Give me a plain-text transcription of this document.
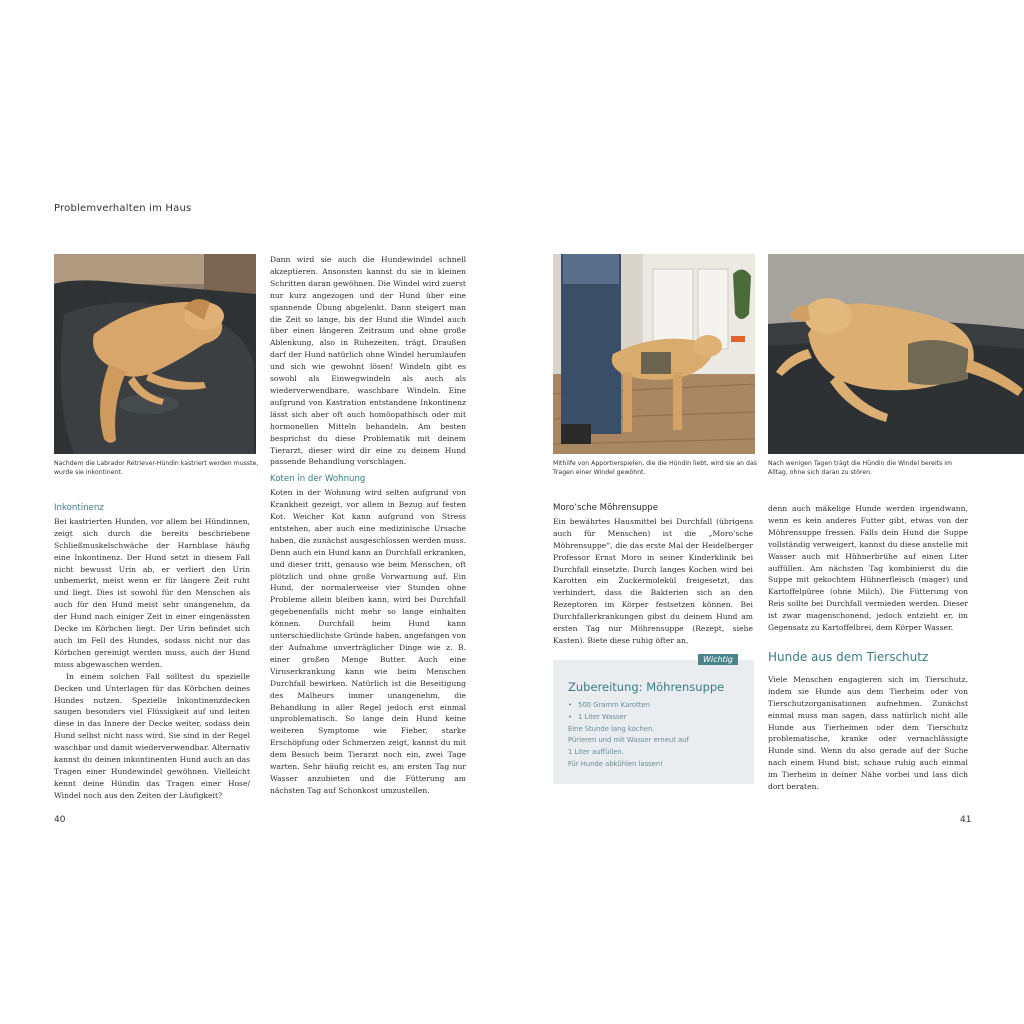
Problemverhalten im Haus
Nachdem die Labrador Retriever-Hündin kastriert werden musste, wurde sie inkontinent.
Inkontinenz

Bei kastrierten Hunden, vor allem bei Hündinnen, zeigt sich durch die bereits beschriebene Schließmuskelschwäche der Harnblase häufig eine Inkontinenz. Der Hund setzt in diesem Fall nicht bewusst Urin ab, er verliert den Urin unbemerkt, meist wenn er für längere Zeit ruht und liegt. Dies ist sowohl für den Menschen als auch für den Hund meist sehr unangenehm, da der Hund nach einiger Zeit in einer eingenässten Decke im Körbchen liegt. Der Urin befindet sich auch im Fell des Hundes, sodass nicht nur das Körbchen gereinigt werden muss, auch der Hund muss abgewaschen werden.

In einem solchen Fall solltest du spezielle Decken und Unterlagen für das Körbchen deines Hundes nutzen. Spezielle Inkontinenzdecken saugen besonders viel Flüssigkeit auf und leiten diese in das Innere der Decke weiter, sodass dein Hund selbst nicht nass wird. Sie sind in der Regel waschbar und damit wiederverwendbar. Alternativ kannst du deinen inkontinenten Hund auch an das Tragen einer Hundewindel gewöhnen. Vielleicht kennt deine Hündin das Tragen einer Hose/ Windel noch aus den Zeiten der Läufigkeit?

Dann wird sie auch die Hundewindel schnell akzeptieren. Ansonsten kannst du sie in kleinen Schritten daran gewöhnen. Die Windel wird zuerst nur kurz angezogen und der Hund über eine spannende Übung abgelenkt. Dann steigert man die Zeit so lange, bis der Hund die Windel auch über einen längeren Zeitraum und ohne große Ablenkung, also in Ruhezeiten, trägt. Draußen darf der Hund natürlich ohne Windel herumlaufen und sich wie gewohnt lösen! Windeln gibt es sowohl als Einwegwindeln als auch als wiederverwendbare, waschbare Windeln. Eine aufgrund von Kastration entstandene Inkontinenz lässt sich aber oft auch homöopathisch oder mit hormonellen Mitteln behandeln. Am besten besprichst du diese Problematik mit deinem Tierarzt, dieser wird dir eine zu deinem Hund passende Behandlung vorschlagen.

Koten in der Wohnung

Koten in der Wohnung wird selten aufgrund von Krankheit gezeigt, vor allem in Bezug auf festen Kot. Weicher Kot kann aufgrund von Stress entstehen, aber auch eine medizinische Ursache haben, die zunächst ausgeschlossen werden muss. Denn auch ein Hund kann an Durchfall erkranken, und dieser tritt, genauso wie beim Menschen, oft plötzlich und ohne große Vorwarnung auf. Ein Hund, der normalerweise vier Stunden ohne Probleme allein bleiben kann, wird bei Durchfall gegebenenfalls nicht mehr so lange einhalten können. Durchfall beim Hund kann unterschiedlichste Gründe haben, angefangen von der Aufnahme unverträglicher Dinge wie z. B. einer großen Menge Butter. Auch eine Viruserkrankung kann wie beim Menschen Durchfall bewirken. Natürlich ist die Beseitigung des Malheurs immer unangenehm, die Behandlung in aller Regel jedoch erst einmal unproblematisch. So lange dein Hund keine weiteren Symptome wie Fieber, starke Erschöpfung oder Schmerzen zeigt, kannst du mit dem Besuch beim Tierarzt noch ein, zwei Tage warten. Sehr häufig reicht es, am ersten Tag nur Wasser anzubieten und die Fütterung am nächsten Tag auf Schonkost umzustellen.

Mithilfe von Apportierspielen, die die Hündin liebt, wird sie an das Tragen einer Windel gewöhnt.
Nach wenigen Tagen trägt die Hündin die Windel bereits im Alltag, ohne sich daran zu stören.
Moro’sche Möhrensuppe

Ein bewährtes Hausmittel bei Durchfall (übrigens auch für Menschen) ist die „Moro’sche Möhrensuppe“, die das erste Mal der Heidelberger Professor Ernst Moro in seiner Kinderklinik bei Durchfall einsetzte. Durch langes Kochen wird bei Karotten ein Zuckermolekül freigesetzt, das verhindert, dass die Bakterien sich an den Rezeptoren im Körper festsetzen können. Bei Durchfallerkrankungen gibst du deinem Hund am ersten Tag nur Möhrensuppe (Rezept, siehe Kasten). Biete diese ruhig öfter an,

Wichtig
Zubereitung: Möhrensuppe
• 500 Gramm Karotten
• 1 Liter Wasser
Eine Stunde lang kochen.
Pürieren und mit Wasser erneut auf
1 Liter auffüllen.
Für Hunde abkühlen lassen!

denn auch mäkelige Hunde werden irgendwann, wenn es kein anderes Futter gibt, etwas von der Möhrensuppe fressen. Falls dein Hund die Suppe vollständig verweigert, kannst du diese anstelle mit Wasser auch mit Hühnerbrühe auf einen Liter auffüllen. Am nächsten Tag kombinierst du die Suppe mit gekochtem Hühnerfleisch (mager) und Kartoffelpüree (ohne Milch). Die Fütterung von Reis sollte bei Durchfall vermieden werden. Dieser ist zwar magenschonend, jedoch entzieht er, im Gegensatz zu Kartoffelbrei, dem Körper Wasser.

Hunde aus dem Tierschutz

Viele Menschen engagieren sich im Tierschutz, indem sie Hunde aus dem Tierheim oder von Tierschutzorganisationen aufnehmen. Zunächst einmal muss man sagen, dass natürlich nicht alle Hunde aus Tierheimen oder dem Tierschutz problematische, kranke oder vernachlässigte Hunde sind. Wenn du also gerade auf der Suche nach einem Hund bist, schaue ruhig auch einmal im Tierheim in deiner Nähe vorbei und lass dich dort beraten.

40	41
